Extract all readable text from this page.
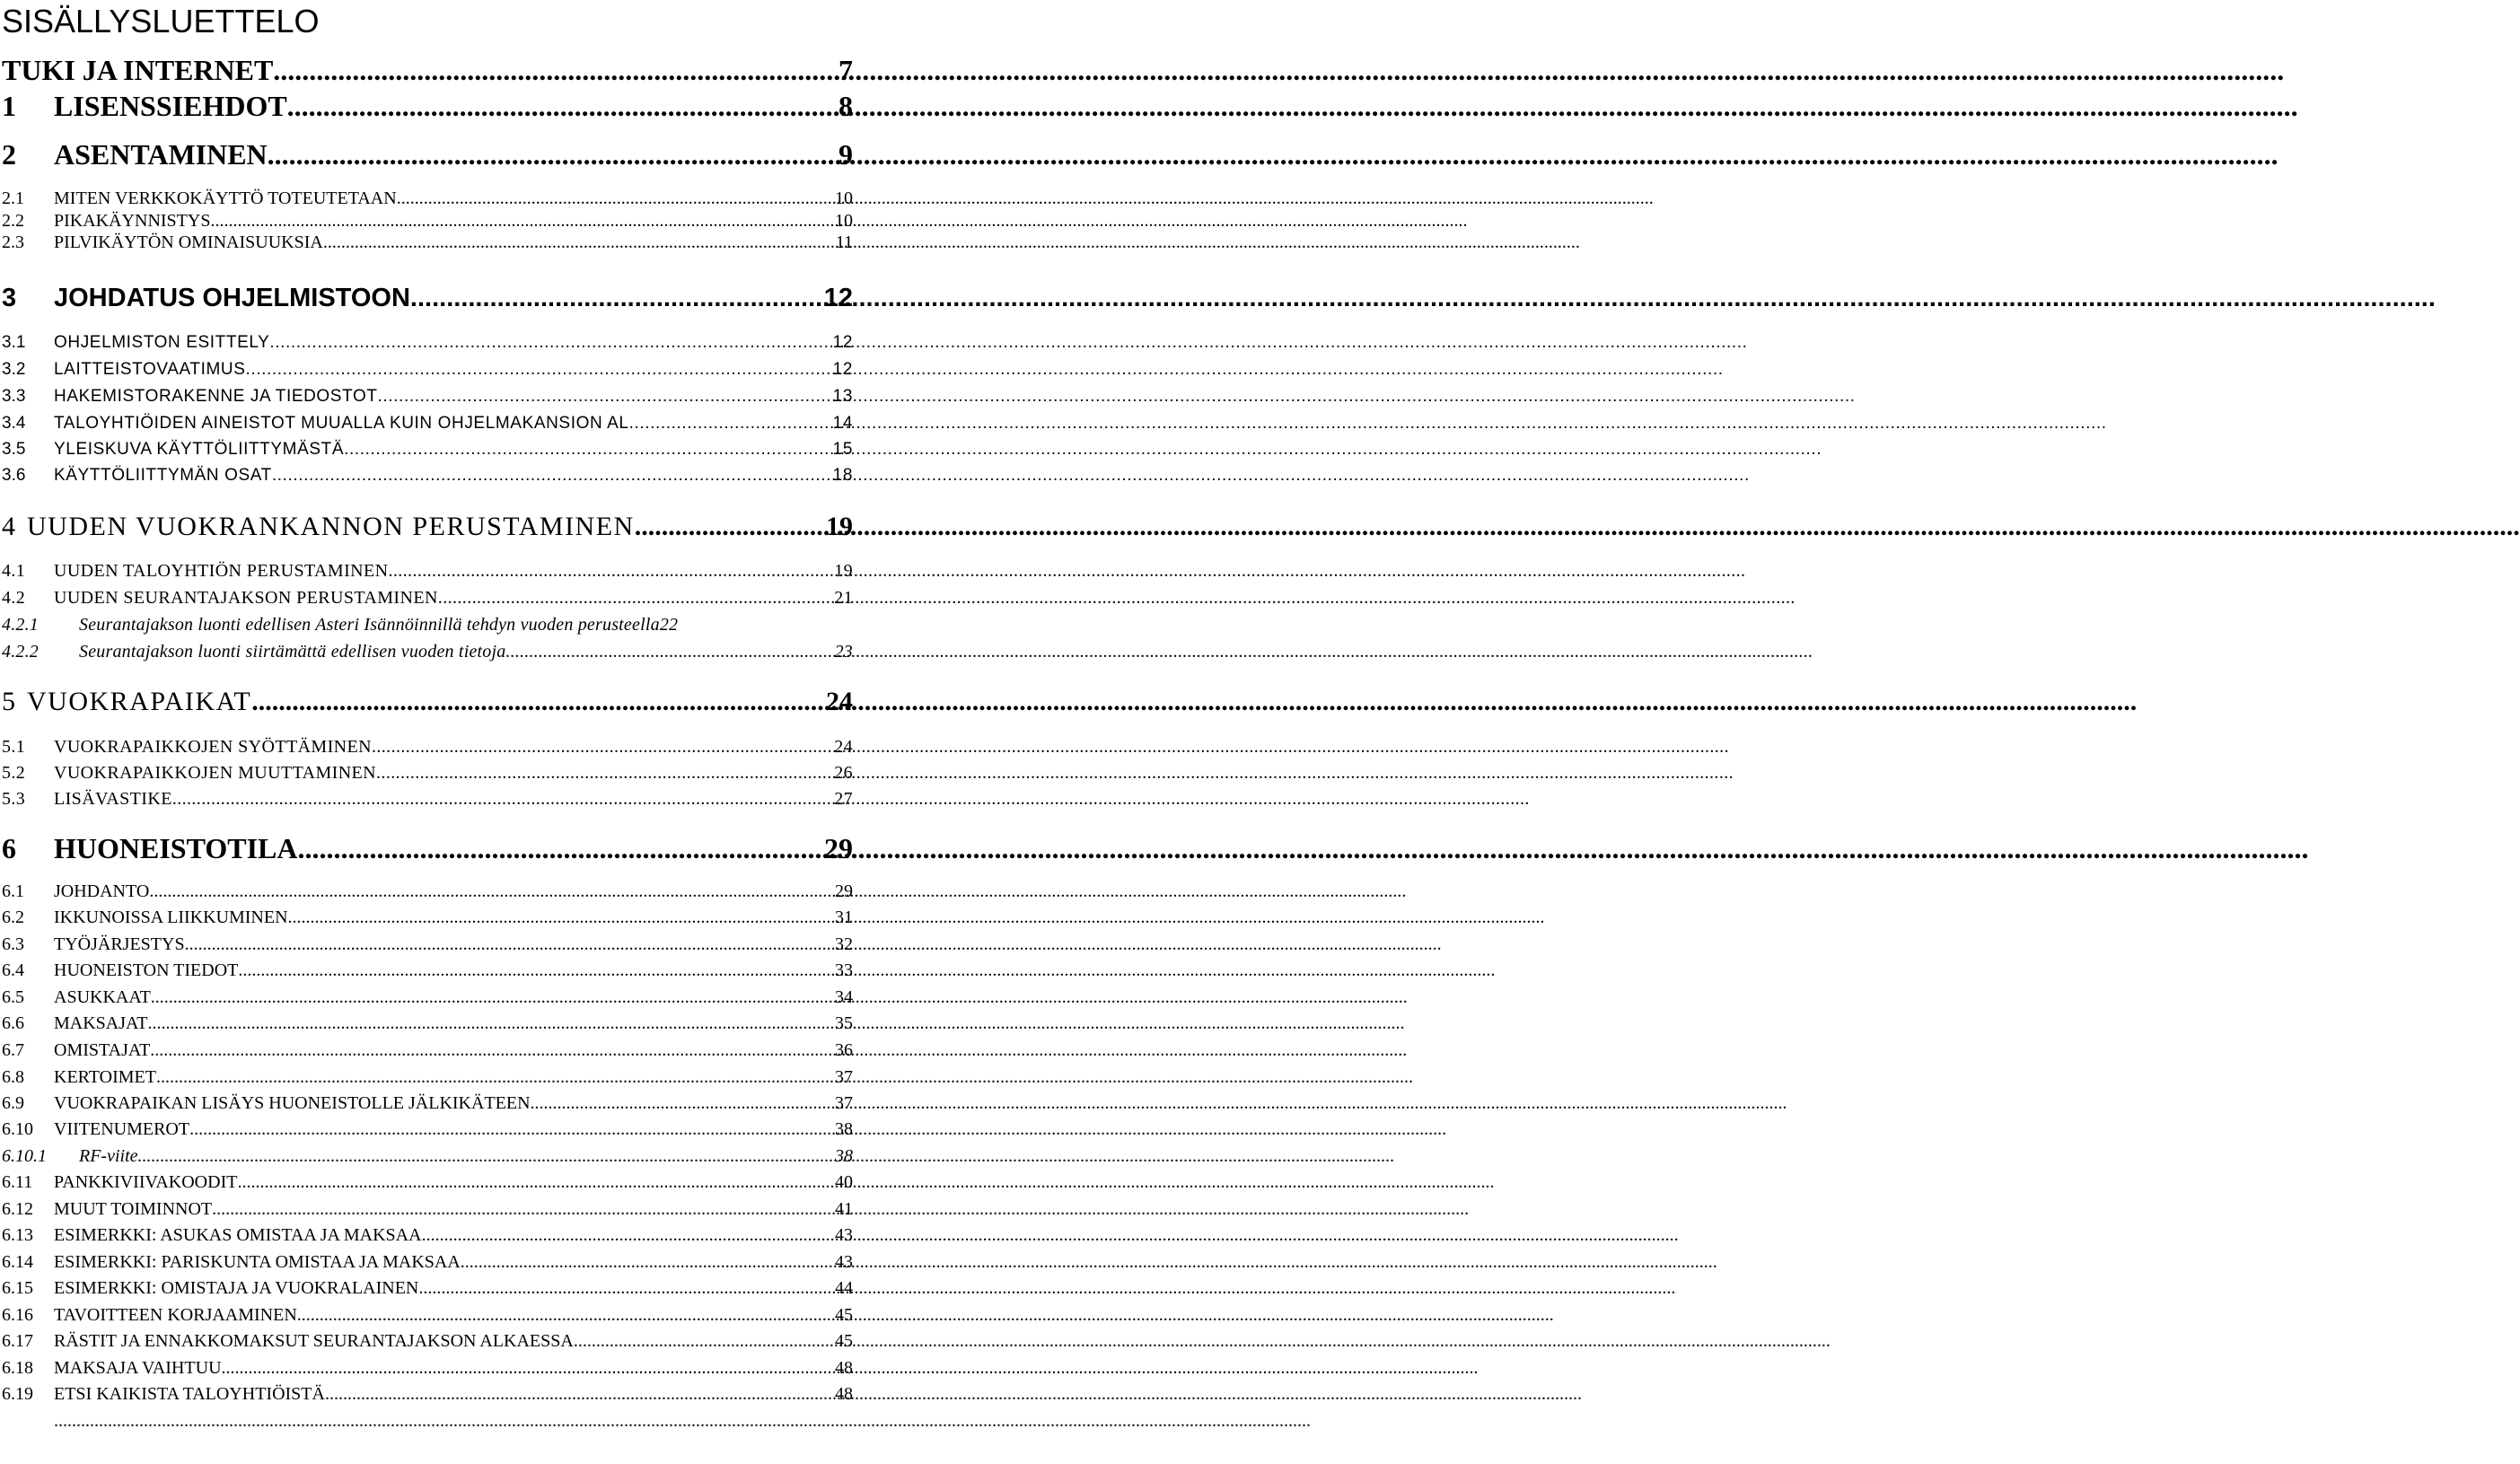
SISÄLLYSLUETTELO
TUKI JA INTERNET .....	7
1	LISENSSIEHDOT .....	8
2	ASENTAMINEN .....	9
2.1	MITEN VERKKOKÄYTTÖ TOTEUTETAAN .....	10
2.2	PIKAKÄYNNISTYS .....	10
2.3	PILVIKÄYTÖN OMINAISUUKSIA .....	11
3	JOHDATUS OHJELMISTOON .....	12
3.1	OHJELMISTON ESITTELY .....	12
3.2	LAITTEISTOVAATIMUS .....	12
3.3	HAKEMISTORAKENNE JA TIEDOSTOT .....	13
3.4	TALOYHTIÖIDEN AINEISTOT MUUALLA KUIN OHJELMAKANSION AL .....	14
3.5	YLEISKUVA KÄYTTÖLIITTYMÄSTÄ .....	15
3.6	KÄYTTÖLIITTYMÄN OSAT .....	18
4 UUDEN VUOKRANKANNON PERUSTAMINEN .....	19
4.1	UUDEN TALOYHTIÖN PERUSTAMINEN .....	19
4.2	UUDEN SEURANTAJAKSON PERUSTAMINEN .....	21
4.2.1	Seurantajakson luonti edellisen Asteri Isännöinnillä tehdyn vuoden perusteella 22
4.2.2	Seurantajakson luonti siirtämättä edellisen vuoden tietoja .....	23
5 VUOKRAPAIKAT .....	24
5.1	VUOKRAPAIKKOJEN SYÖTTÄMINEN .....	24
5.2	VUOKRAPAIKKOJEN MUUTTAMINEN .....	26
5.3	LISÄVASTIKE .....	27
6	HUONEISTOTILA .....	29
6.1	JOHDANTO .....	29
6.2	IKKUNOISSA LIIKKUMINEN .....	31
6.3	TYÖJÄRJESTYS .....	32
6.4	HUONEISTON TIEDOT .....	33
6.5	ASUKKAAT .....	34
6.6	MAKSAJAT .....	35
6.7	OMISTAJAT .....	36
6.8	KERTOIMET .....	37
6.9	VUOKRAPAIKAN LISÄYS HUONEISTOLLE JÄLKIKÄTEEN .....	37
6.10	VIITENUMEROT .....	38
6.10.1	RF-viite .....	38
6.11	PANKKIVIIVAKOODIT .....	40
6.12	MUUT TOIMINNOT .....	41
6.13	ESIMERKKI: ASUKAS OMISTAA JA MAKSAA .....	43
6.14	ESIMERKKI: PARISKUNTA OMISTAA JA MAKSAA .....	43
6.15	ESIMERKKI: OMISTAJA JA VUOKRALAINEN .....	44
6.16	TAVOITTEEN KORJAAMINEN .....	45
6.17	RÄSTIT JA ENNAKKOMAKSUT SEURANTAJAKSON ALKAESSA .....	45
6.18	MAKSAJA VAIHTUU .....	48
6.19	ETSI KAIKISTA TALOYHTIÖISTÄ .....	48
.....
